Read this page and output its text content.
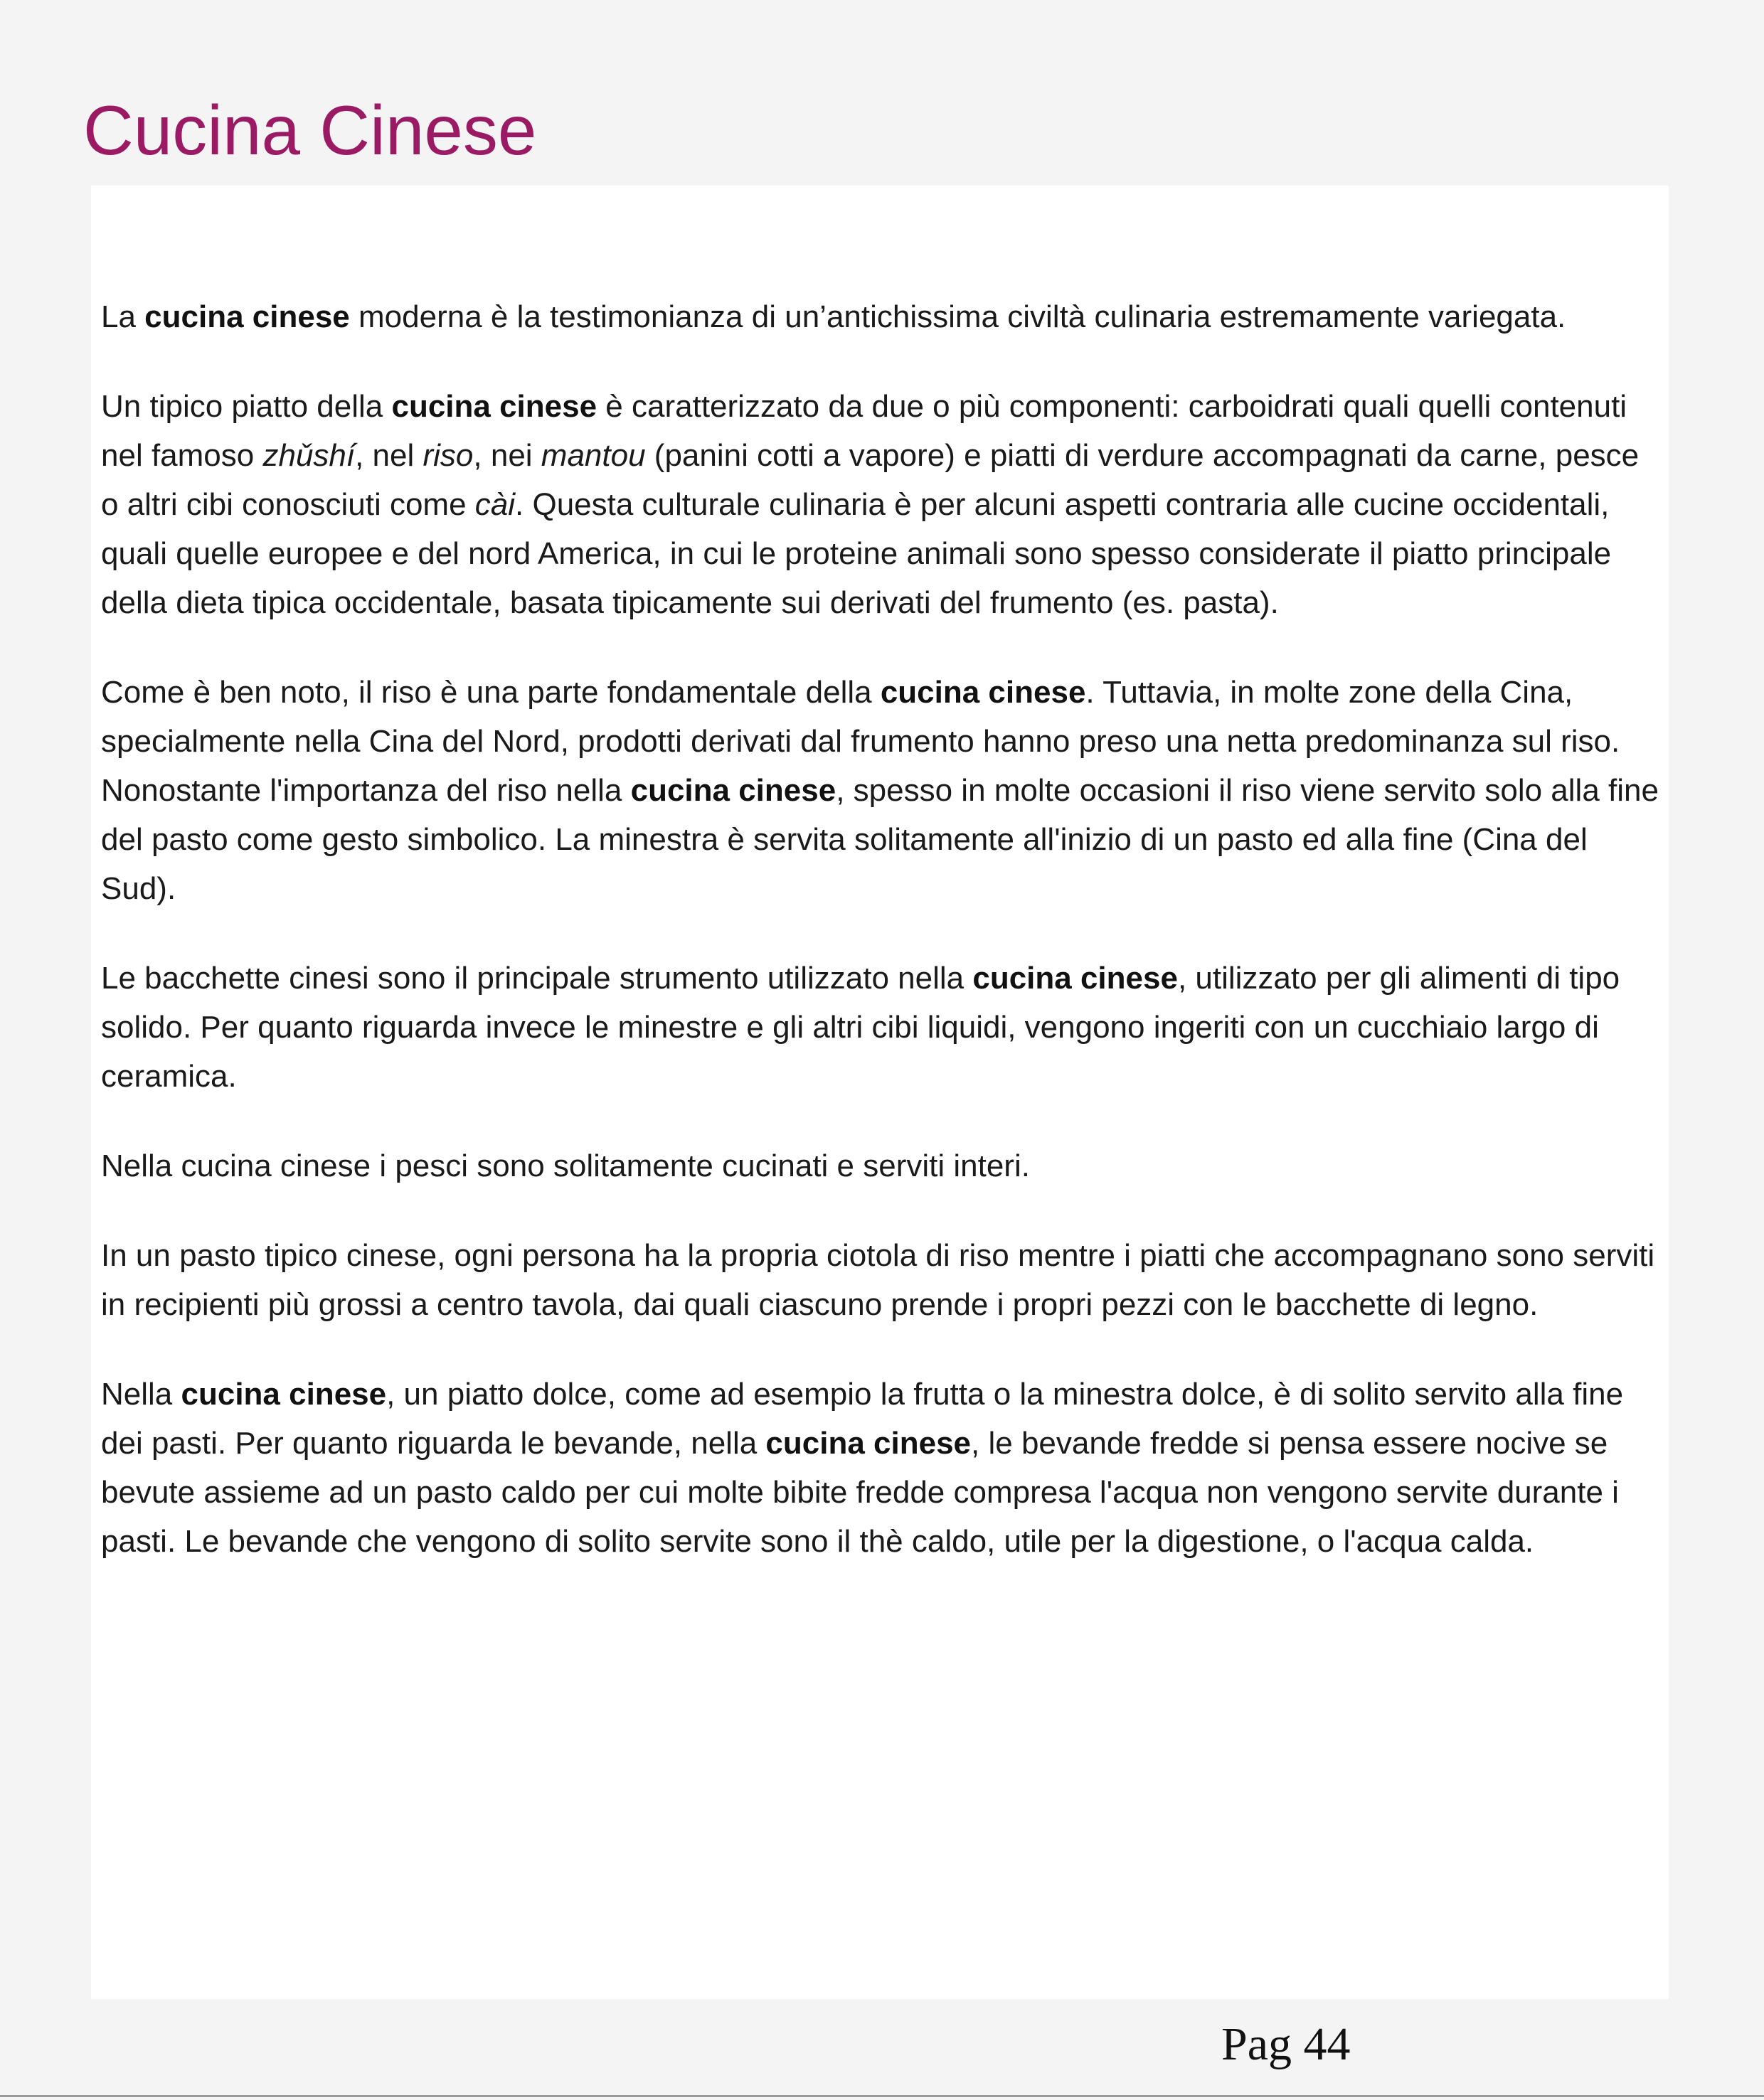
Cucina Cinese

La cucina cinese moderna è la testimonianza di un’antichissima civiltà culinaria estremamente variegata.

Un tipico piatto della cucina cinese è caratterizzato da due o più componenti: carboidrati quali quelli contenuti nel famoso zhǔshí, nel riso, nei mantou (panini cotti a vapore) e piatti di verdure accompagnati da carne, pesce o altri cibi conosciuti come cài. Questa culturale culinaria è per alcuni aspetti contraria alle cucine occidentali, quali quelle europee e del nord America, in cui le proteine animali sono spesso considerate il piatto principale della dieta tipica occidentale, basata tipicamente sui derivati del frumento (es. pasta).

Come è ben noto, il riso è una parte fondamentale della cucina cinese. Tuttavia, in molte zone della Cina, specialmente nella Cina del Nord, prodotti derivati dal frumento hanno preso una netta predominanza sul riso. Nonostante l'importanza del riso nella cucina cinese, spesso in molte occasioni il riso viene servito solo alla fine del pasto come gesto simbolico. La minestra è servita solitamente all'inizio di un pasto ed alla fine (Cina del Sud).

Le bacchette cinesi sono il principale strumento utilizzato nella cucina cinese, utilizzato per gli alimenti di tipo solido. Per quanto riguarda invece le minestre e gli altri cibi liquidi, vengono ingeriti con un cucchiaio largo di ceramica.

Nella cucina cinese i pesci sono solitamente cucinati e serviti interi.

In un pasto tipico cinese, ogni persona ha la propria ciotola di riso mentre i piatti che accompagnano sono serviti in recipienti più grossi a centro tavola, dai quali ciascuno prende i propri pezzi con le bacchette di legno.

Nella cucina cinese, un piatto dolce, come ad esempio la frutta o la minestra dolce, è di solito servito alla fine dei pasti. Per quanto riguarda le bevande, nella cucina cinese, le bevande fredde si pensa essere nocive se bevute assieme ad un pasto caldo per cui molte bibite fredde compresa l'acqua non vengono servite durante i pasti. Le bevande che vengono di solito servite sono il thè caldo, utile per la digestione, o l'acqua calda.

Pag 44
